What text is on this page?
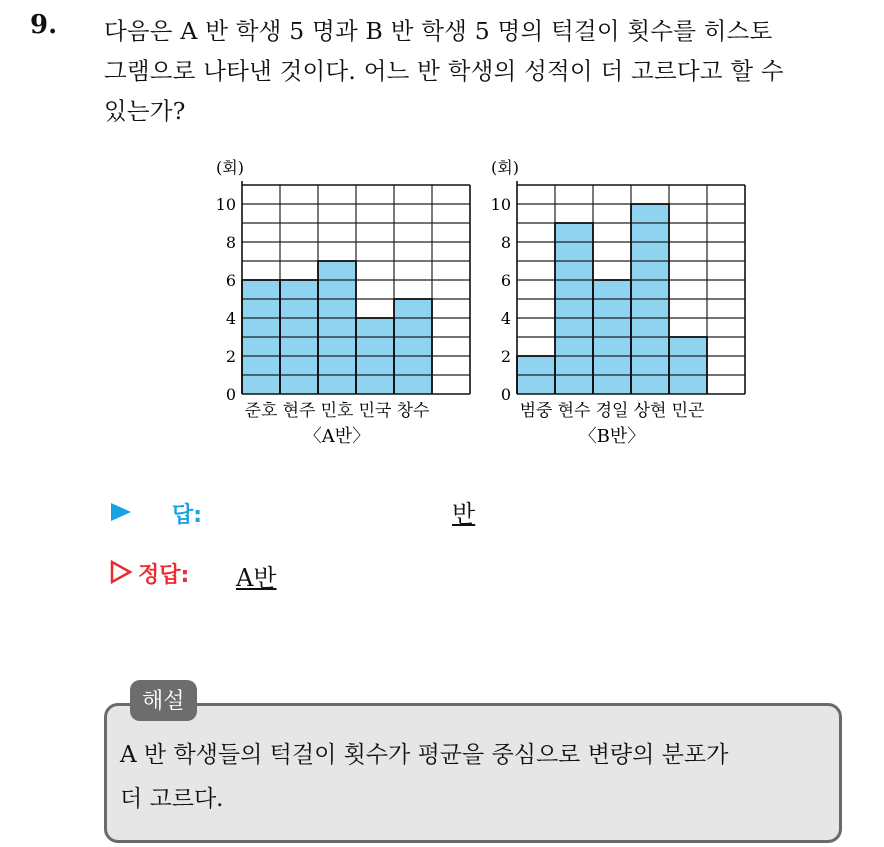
9. 다음은 A 반 학생 5 명과 B 반 학생 5 명의 턱걸이 횟수를 히스토
그램으로 나타낸 것이다. 어느 반 학생의 성적이 더 고르다고 할 수
있는가?
(회)
0
2
4
6
8
10
준호 현주 민호 민국 창수
〈A반〉
(회)
0
2
4
6
8
10
범중 현수 경일 상현 민곤
〈B반〉
답:	반
정답: A반
해설
A 반 학생들의 턱걸이 횟수가 평균을 중심으로 변량의 분포가
더 고르다.
